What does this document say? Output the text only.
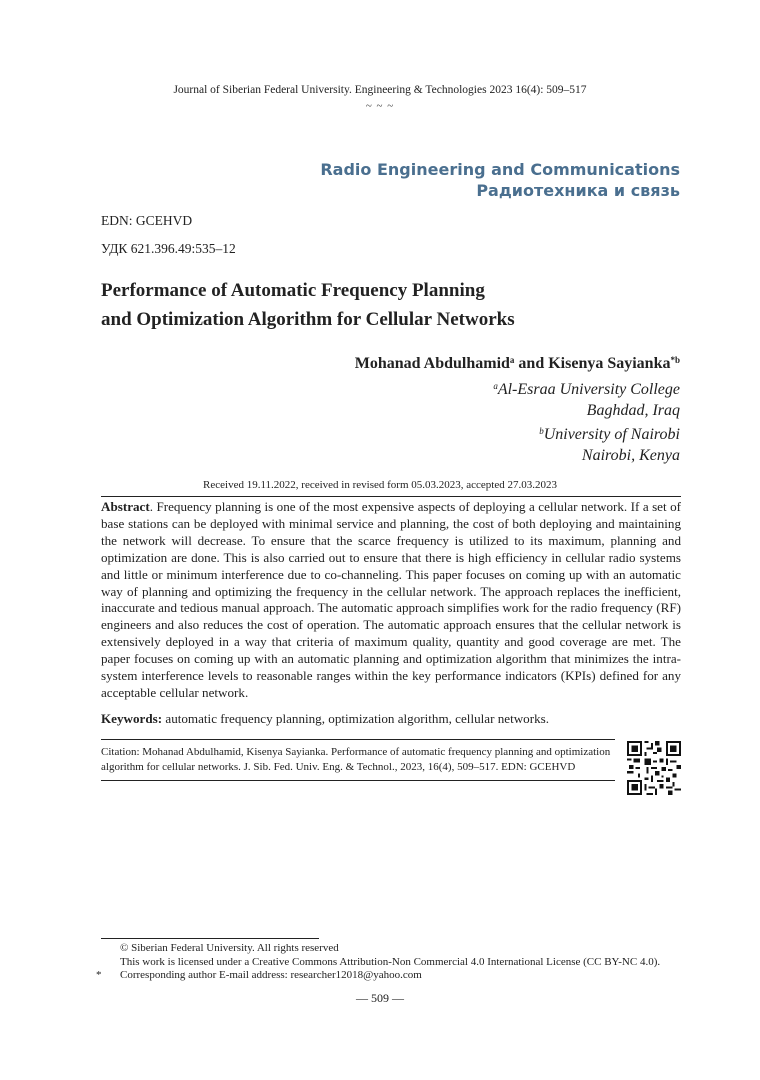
Journal of Siberian Federal University. Engineering & Technologies 2023 16(4): 509–517
~ ~ ~
Radio Engineering and Communications
Радиотехника и связь
EDN: GCEHVD
УДК 621.396.49:535–12
Performance of Automatic Frequency Planning
and Optimization Algorithm for Cellular Networks
Mohanad Abdulhamid$^a$ and Kisenya Sayianka$^{*b}$
$^a$Al-Esraa University College
Baghdad, Iraq
$^b$University of Nairobi
Nairobi, Kenya
Received 19.11.2022, received in revised form 05.03.2023, accepted 27.03.2023
Abstract. Frequency planning is one of the most expensive aspects of deploying a cellular network. If a set of base stations can be deployed with minimal service and planning, the cost of both deploying and maintaining the network will decrease. To ensure that the scarce frequency is utilized to its maximum, planning and optimization are done. This is also carried out to ensure that there is high efficiency in cellular radio systems and little or minimum interference due to co-channeling. This paper focuses on coming up with an automatic way of planning and optimizing the frequency in the cellular network. The approach replaces the inefficient, inaccurate and tedious manual approach. The automatic approach simplifies work for the radio frequency (RF) engineers and also reduces the cost of operation. The automatic approach ensures that the cellular network is extensively deployed in a way that criteria of maximum quality, quantity and good coverage are met. The paper focuses on coming up with an automatic planning and optimization algorithm that minimizes the intra-system interference levels to reasonable ranges within the key performance indicators (KPIs) defined for any acceptable cellular network.
Keywords: automatic frequency planning, optimization algorithm, cellular networks.
Citation: Mohanad Abdulhamid, Kisenya Sayianka. Performance of automatic frequency planning and optimization algorithm for cellular networks. J. Sib. Fed. Univ. Eng. & Technol., 2023, 16(4), 509–517. EDN: GCEHVD
© Siberian Federal University. All rights reserved
This work is licensed under a Creative Commons Attribution-Non Commercial 4.0 International License (CC BY-NC 4.0).
* Corresponding author E-mail address: researcher12018@yahoo.com
— 509 —
